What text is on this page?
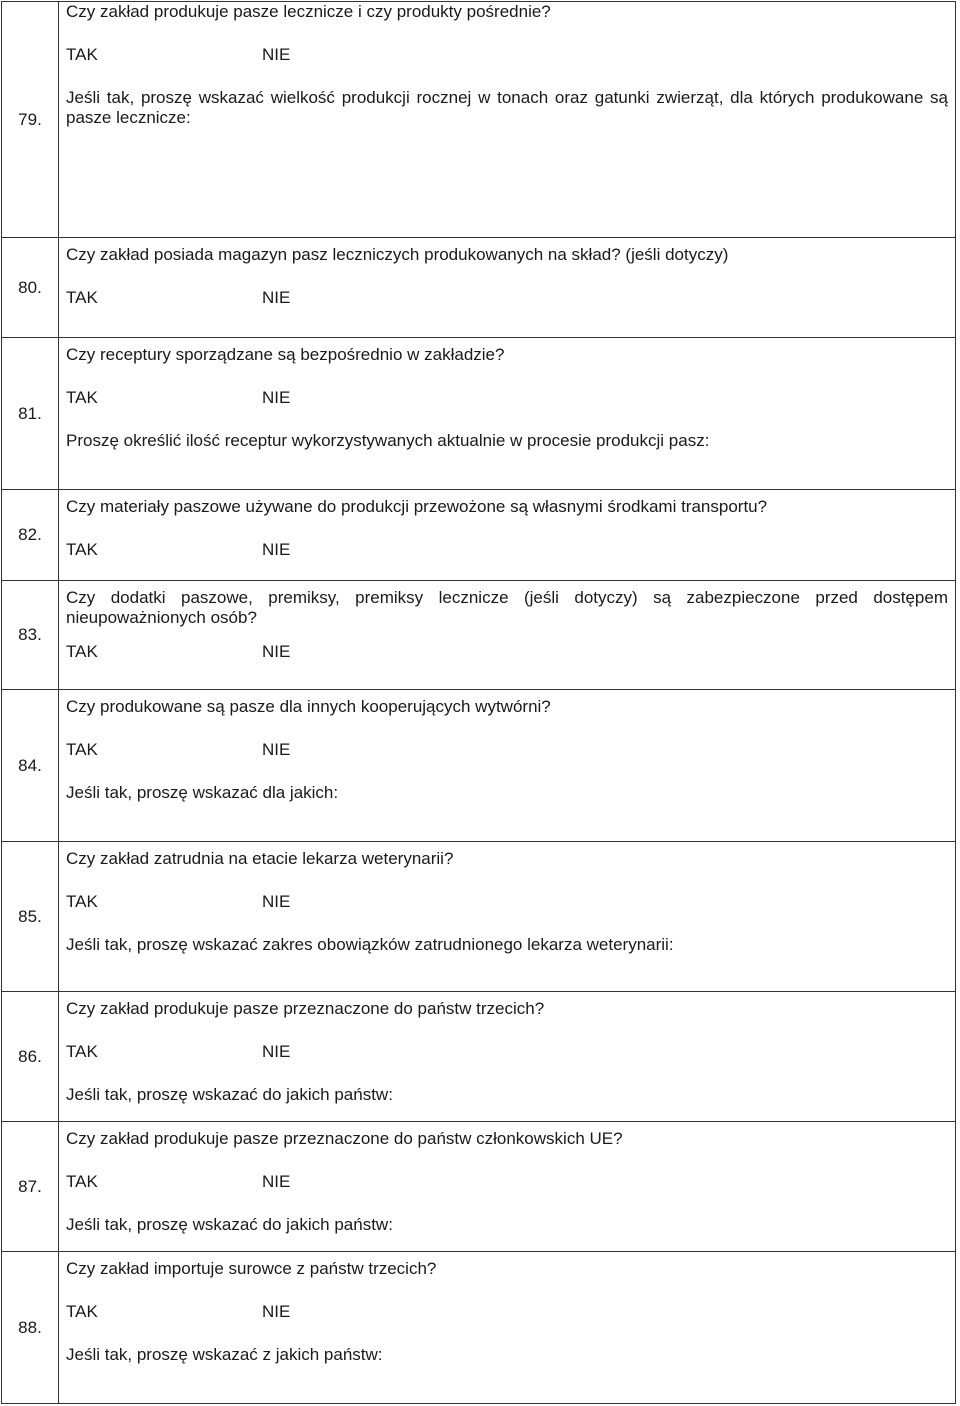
79.	Czy zakład produkuje pasze lecznicze i czy produkty pośrednie?
TAK NIE
Jeśli tak, proszę wskazać wielkość produkcji rocznej w tonach oraz gatunki zwierząt, dla których produkowane są pasze lecznicze:

80.	Czy zakład posiada magazyn pasz leczniczych produkowanych na skład? (jeśli dotyczy)
TAK NIE

81.	Czy receptury sporządzane są bezpośrednio w zakładzie?
TAK NIE
Proszę określić ilość receptur wykorzystywanych aktualnie w procesie produkcji pasz:

82.	Czy materiały paszowe używane do produkcji przewożone są własnymi środkami transportu?
TAK NIE

83.	Czy dodatki paszowe, premiksy, premiksy lecznicze (jeśli dotyczy) są zabezpieczone przed dostępem nieupoważnionych osób?
TAK NIE

84.	Czy produkowane są pasze dla innych kooperujących wytwórni?
TAK NIE
Jeśli tak, proszę wskazać dla jakich:

85.	Czy zakład zatrudnia na etacie lekarza weterynarii?
TAK NIE
Jeśli tak, proszę wskazać zakres obowiązków zatrudnionego lekarza weterynarii:

86.	Czy zakład produkuje pasze przeznaczone do państw trzecich?
TAK NIE
Jeśli tak, proszę wskazać do jakich państw:

87.	Czy zakład produkuje pasze przeznaczone do państw członkowskich UE?
TAK NIE
Jeśli tak, proszę wskazać do jakich państw:

88.	Czy zakład importuje surowce z państw trzecich?
TAK NIE
Jeśli tak, proszę wskazać z jakich państw:
